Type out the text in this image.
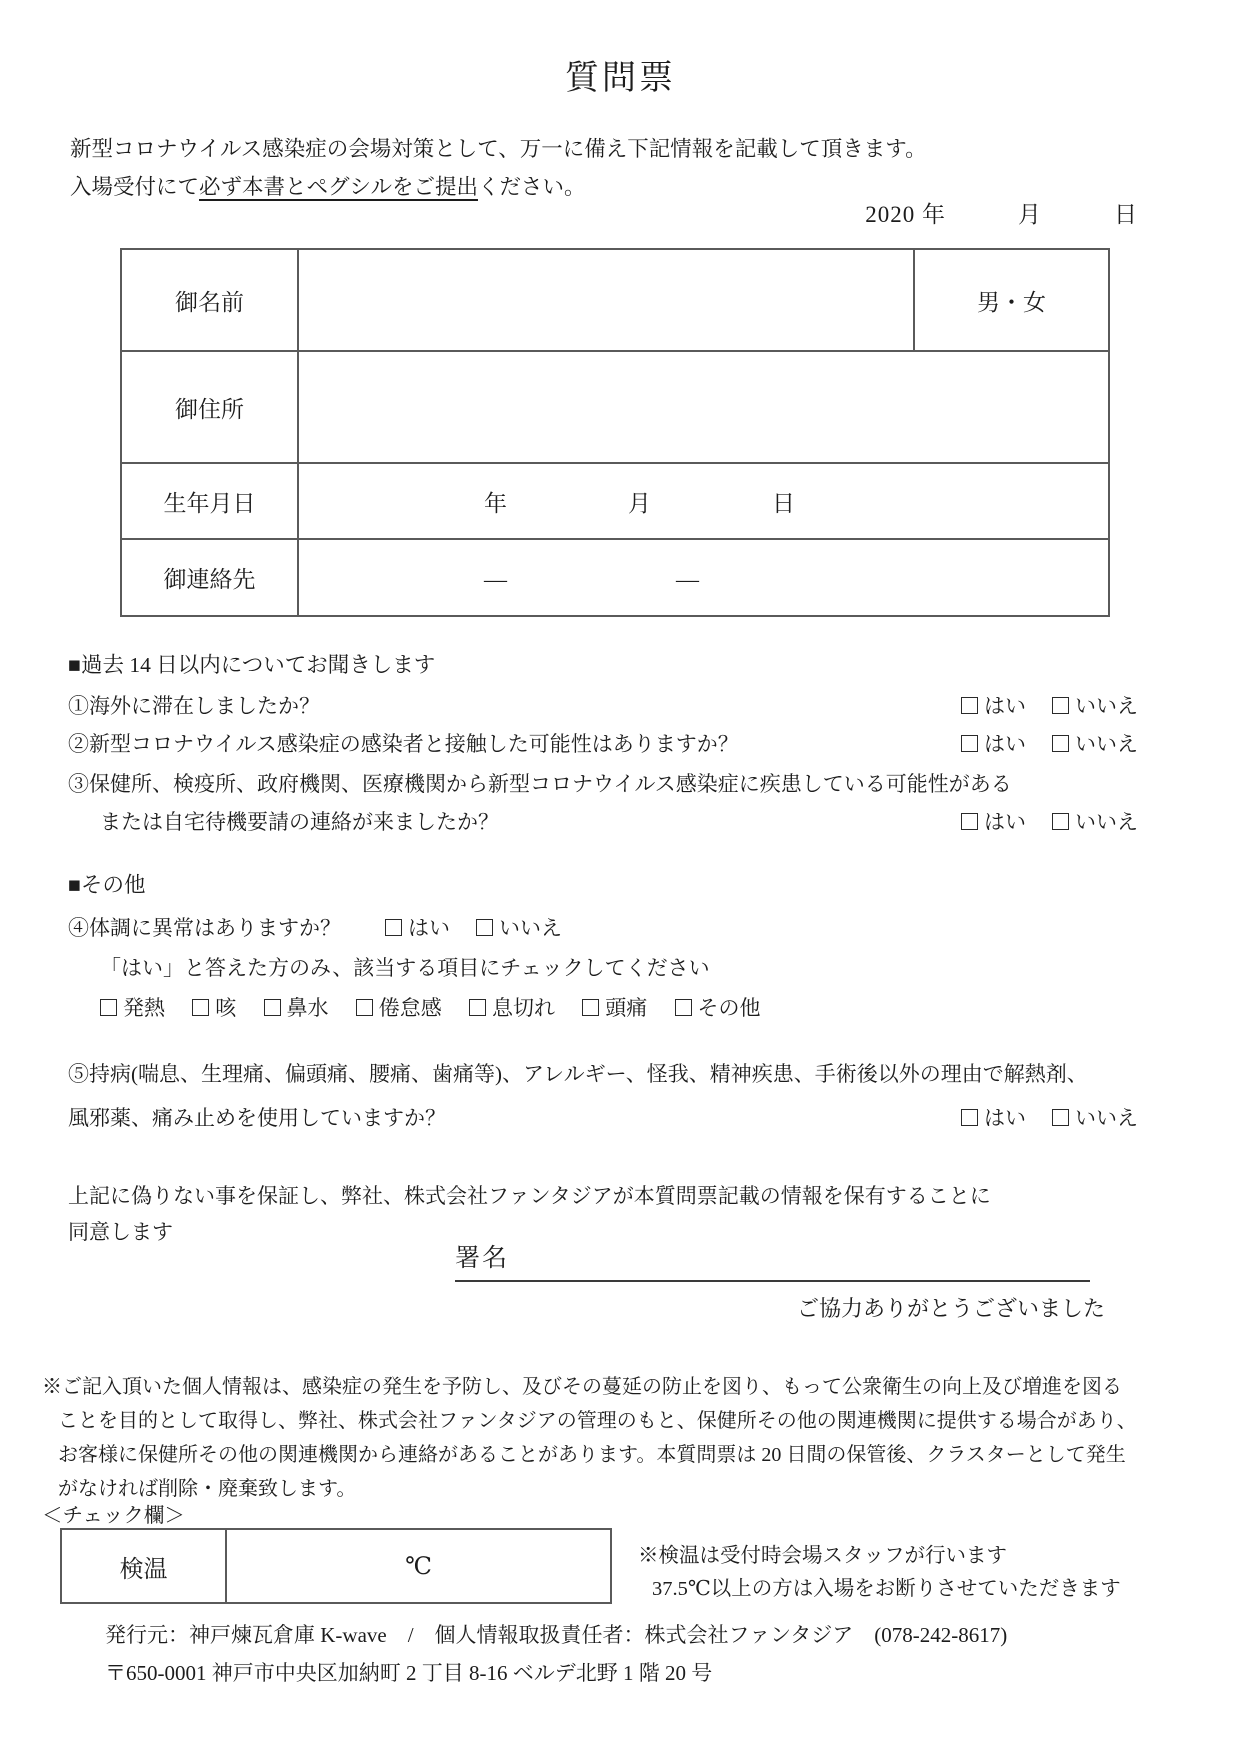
質問票
新型コロナウイルス感染症の会場対策として、万一に備え下記情報を記載して頂きます。
入場受付にて必ず本書とペグシルをご提出ください。
2020 年　　　月　　　日
御名前		男・女
御住所		
生年月日	年　　　　　月　　　　　日	
御連絡先	―　　　　　　　―	
■過去 14 日以内についてお聞きします
①海外に滞在しましたか？	はい いいえ
②新型コロナウイルス感染症の感染者と接触した可能性はありますか？	はい いいえ
③保健所、検疫所、政府機関、医療機関から新型コロナウイルス感染症に疾患している可能性がある
または自宅待機要請の連絡が来ましたか？	はい いいえ
■その他
④体調に異常はありますか？	はい いいえ
「はい」と答えた方のみ、該当する項目にチェックしてください
発熱 咳 鼻水 倦怠感 息切れ 頭痛 その他
⑤持病(喘息、生理痛、偏頭痛、腰痛、歯痛等)、アレルギー、怪我、精神疾患、手術後以外の理由で解熱剤、
風邪薬、痛み止めを使用していますか？	はい いいえ
上記に偽りない事を保証し、弊社、株式会社ファンタジアが本質問票記載の情報を保有することに
同意します
署名
ご協力ありがとうございました
※ご記入頂いた個人情報は、感染症の発生を予防し、及びその蔓延の防止を図り、もって公衆衛生の向上及び増進を図る
ことを目的として取得し、弊社、株式会社ファンタジアの管理のもと、保健所その他の関連機関に提供する場合があり、
お客様に保健所その他の関連機関から連絡があることがあります。本質問票は 20 日間の保管後、クラスターとして発生
がなければ削除・廃棄致します。
＜チェック欄＞
検温	℃	※検温は受付時会場スタッフが行います
37.5℃以上の方は入場をお断りさせていただきます
発行元：神戸煉瓦倉庫 K-wave　/　個人情報取扱責任者：株式会社ファンタジア　(078-242-8617)
〒650-0001 神戸市中央区加納町 2 丁目 8-16 ベルデ北野 1 階 20 号
